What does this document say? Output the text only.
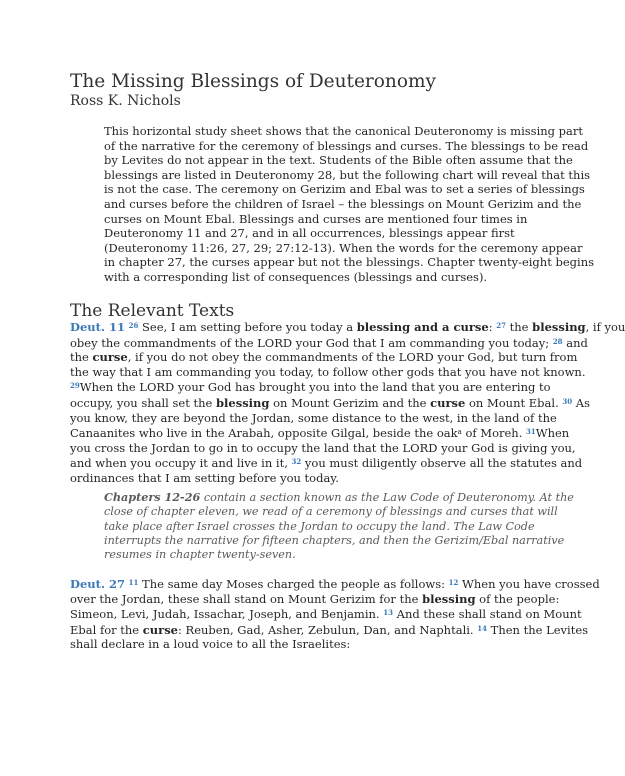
The Missing Blessings of Deuteronomy
Ross K. Nichols
This horizontal study sheet shows that the canonical Deuteronomy is missing part
of the narrative for the ceremony of blessings and curses. The blessings to be read
by Levites do not appear in the text. Students of the Bible often assume that the
blessings are listed in Deuteronomy 28, but the following chart will reveal that this
is not the case. The ceremony on Gerizim and Ebal was to set a series of blessings
and curses before the children of Israel – the blessings on Mount Gerizim and the
curses on Mount Ebal. Blessings and curses are mentioned four times in
Deuteronomy 11 and 27, and in all occurrences, blessings appear first
(Deuteronomy 11:26, 27, 29; 27:12-13). When the words for the ceremony appear
in chapter 27, the curses appear but not the blessings. Chapter twenty-eight begins
with a corresponding list of consequences (blessings and curses).
The Relevant Texts
Deut. 11 $^{26}$ See, I am setting before you today a blessing and a curse: $^{27}$ the blessing, if you
obey the commandments of the LORD your God that I am commanding you today; $^{28}$ and
the curse, if you do not obey the commandments of the LORD your God, but turn from
the way that I am commanding you today, to follow other gods that you have not known.
$^{29}$When the LORD your God has brought you into the land that you are entering to
occupy, you shall set the blessing on Mount Gerizim and the curse on Mount Ebal. $^{30}$ As
you know, they are beyond the Jordan, some distance to the west, in the land of the
Canaanites who live in the Arabah, opposite Gilgal, beside the oak$^a$ of Moreh. $^{31}$When
you cross the Jordan to go in to occupy the land that the LORD your God is giving you,
and when you occupy it and live in it, $^{32}$ you must diligently observe all the statutes and
ordinances that I am setting before you today.
Chapters 12-26 contain a section known as the Law Code of Deuteronomy. At the
close of chapter eleven, we read of a ceremony of blessings and curses that will
take place after Israel crosses the Jordan to occupy the land. The Law Code
interrupts the narrative for fifteen chapters, and then the Gerizim/Ebal narrative
resumes in chapter twenty-seven.
Deut. 27 $^{11}$ The same day Moses charged the people as follows: $^{12}$ When you have crossed
over the Jordan, these shall stand on Mount Gerizim for the blessing of the people:
Simeon, Levi, Judah, Issachar, Joseph, and Benjamin. $^{13}$ And these shall stand on Mount
Ebal for the curse: Reuben, Gad, Asher, Zebulun, Dan, and Naphtali. $^{14}$ Then the Levites
shall declare in a loud voice to all the Israelites:
